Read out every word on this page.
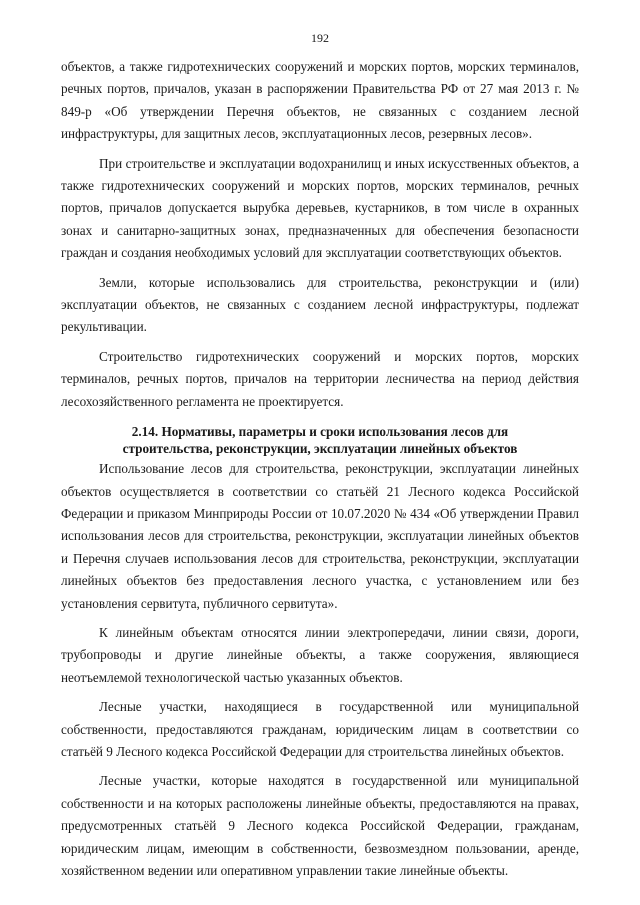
192

объектов, а также гидротехнических сооружений и морских портов, морских терминалов, речных портов, причалов, указан в распоряжении Правительства РФ от 27 мая 2013 г. № 849-р «Об утверждении Перечня объектов, не связанных с созданием лесной инфраструктуры, для защитных лесов, эксплуатационных лесов, резервных лесов».

При строительстве и эксплуатации водохранилищ и иных искусственных объектов, а также гидротехнических сооружений и морских портов, морских терминалов, речных портов, причалов допускается вырубка деревьев, кустарников, в том числе в охранных зонах и санитарно-защитных зонах, предназначенных для обеспечения безопасности граждан и создания необходимых условий для эксплуатации соответствующих объектов.

Земли, которые использовались для строительства, реконструкции и (или) эксплуатации объектов, не связанных с созданием лесной инфраструктуры, подлежат рекультивации.

Строительство гидротехнических сооружений и морских портов, морских терминалов, речных портов, причалов на территории лесничества на период действия лесохозяйственного регламента не проектируется.

2.14. Нормативы, параметры и сроки использования лесов для
строительства, реконструкции, эксплуатации линейных объектов

Использование лесов для строительства, реконструкции, эксплуатации линейных объектов осуществляется в соответствии со статьёй 21 Лесного кодекса Российской Федерации и приказом Минприроды России от 10.07.2020 № 434 «Об утверждении Правил использования лесов для строительства, реконструкции, эксплуатации линейных объектов и Перечня случаев использования лесов для строительства, реконструкции, эксплуатации линейных объектов без предоставления лесного участка, с установлением или без установления сервитута, публичного сервитута».

К линейным объектам относятся линии электропередачи, линии связи, дороги, трубопроводы и другие линейные объекты, а также сооружения, являющиеся неотъемлемой технологической частью указанных объектов.

Лесные участки, находящиеся в государственной или муниципальной собственности, предоставляются гражданам, юридическим лицам в соответствии со статьёй 9 Лесного кодекса Российской Федерации для строительства линейных объектов.

Лесные участки, которые находятся в государственной или муниципальной собственности и на которых расположены линейные объекты, предоставляются на правах, предусмотренных статьёй 9 Лесного кодекса Российской Федерации, гражданам, юридическим лицам, имеющим в собственности, безвозмездном пользовании, аренде, хозяйственном ведении или оперативном управлении такие линейные объекты.
